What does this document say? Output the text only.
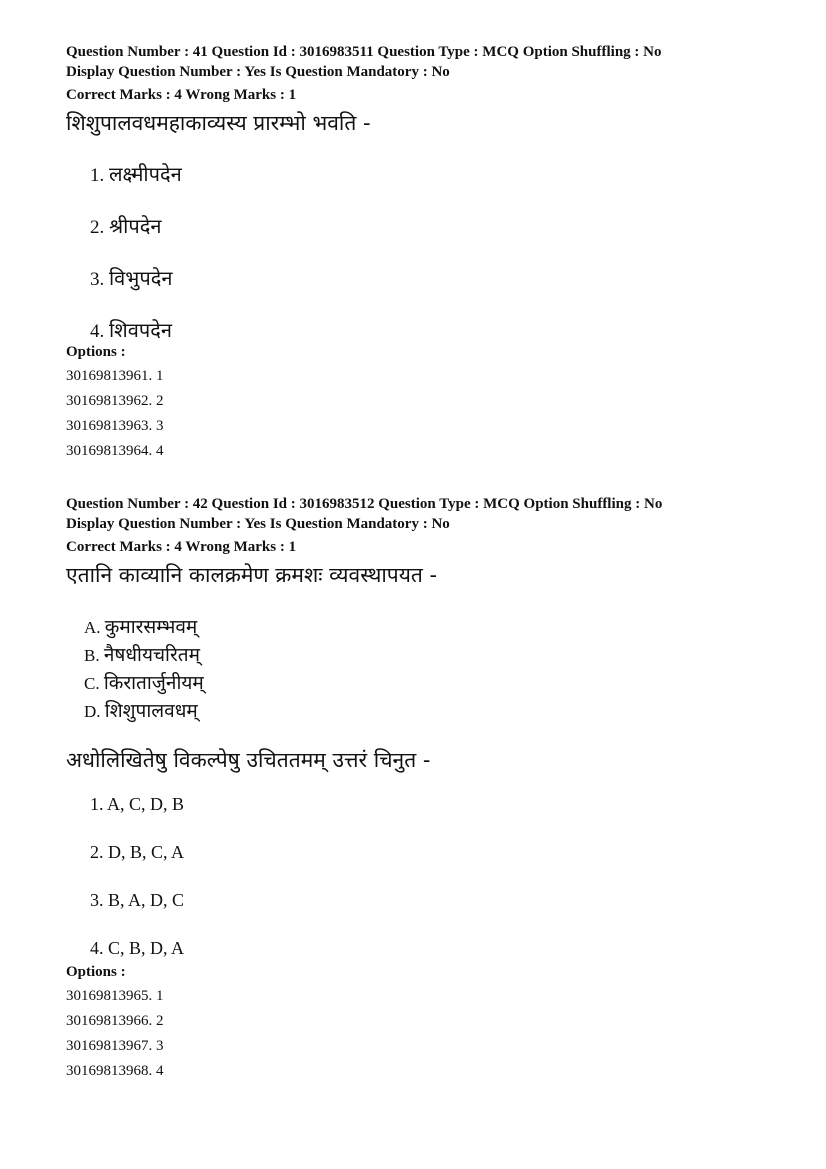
Question Number : 41 Question Id : 3016983511 Question Type : MCQ Option Shuffling : No

Display Question Number : Yes Is Question Mandatory : No

Correct Marks : 4 Wrong Marks : 1

शिशुपालवधमहाकाव्यस्य प्रारम्भो भवति -

1. लक्ष्मीपदेन
2. श्रीपदेन
3. विभुपदेन
4. शिवपदेन
Options :
30169813961. 1
30169813962. 2
30169813963. 3
30169813964. 4

Question Number : 42 Question Id : 3016983512 Question Type : MCQ Option Shuffling : No

Display Question Number : Yes Is Question Mandatory : No

Correct Marks : 4 Wrong Marks : 1

एतानि काव्यानि कालक्रमेण क्रमशः व्यवस्थापयत -

A. कुमारसम्भवम्
B. नैषधीयचरितम्
C. किरातार्जुनीयम्
D. शिशुपालवधम्

अधोलिखितेषु विकल्पेषु उचिततमम् उत्तरं चिनुत -

1. A, C, D, B
2. D, B, C, A
3. B, A, D, C
4. C, B, D, A
Options :
30169813965. 1
30169813966. 2
30169813967. 3
30169813968. 4
